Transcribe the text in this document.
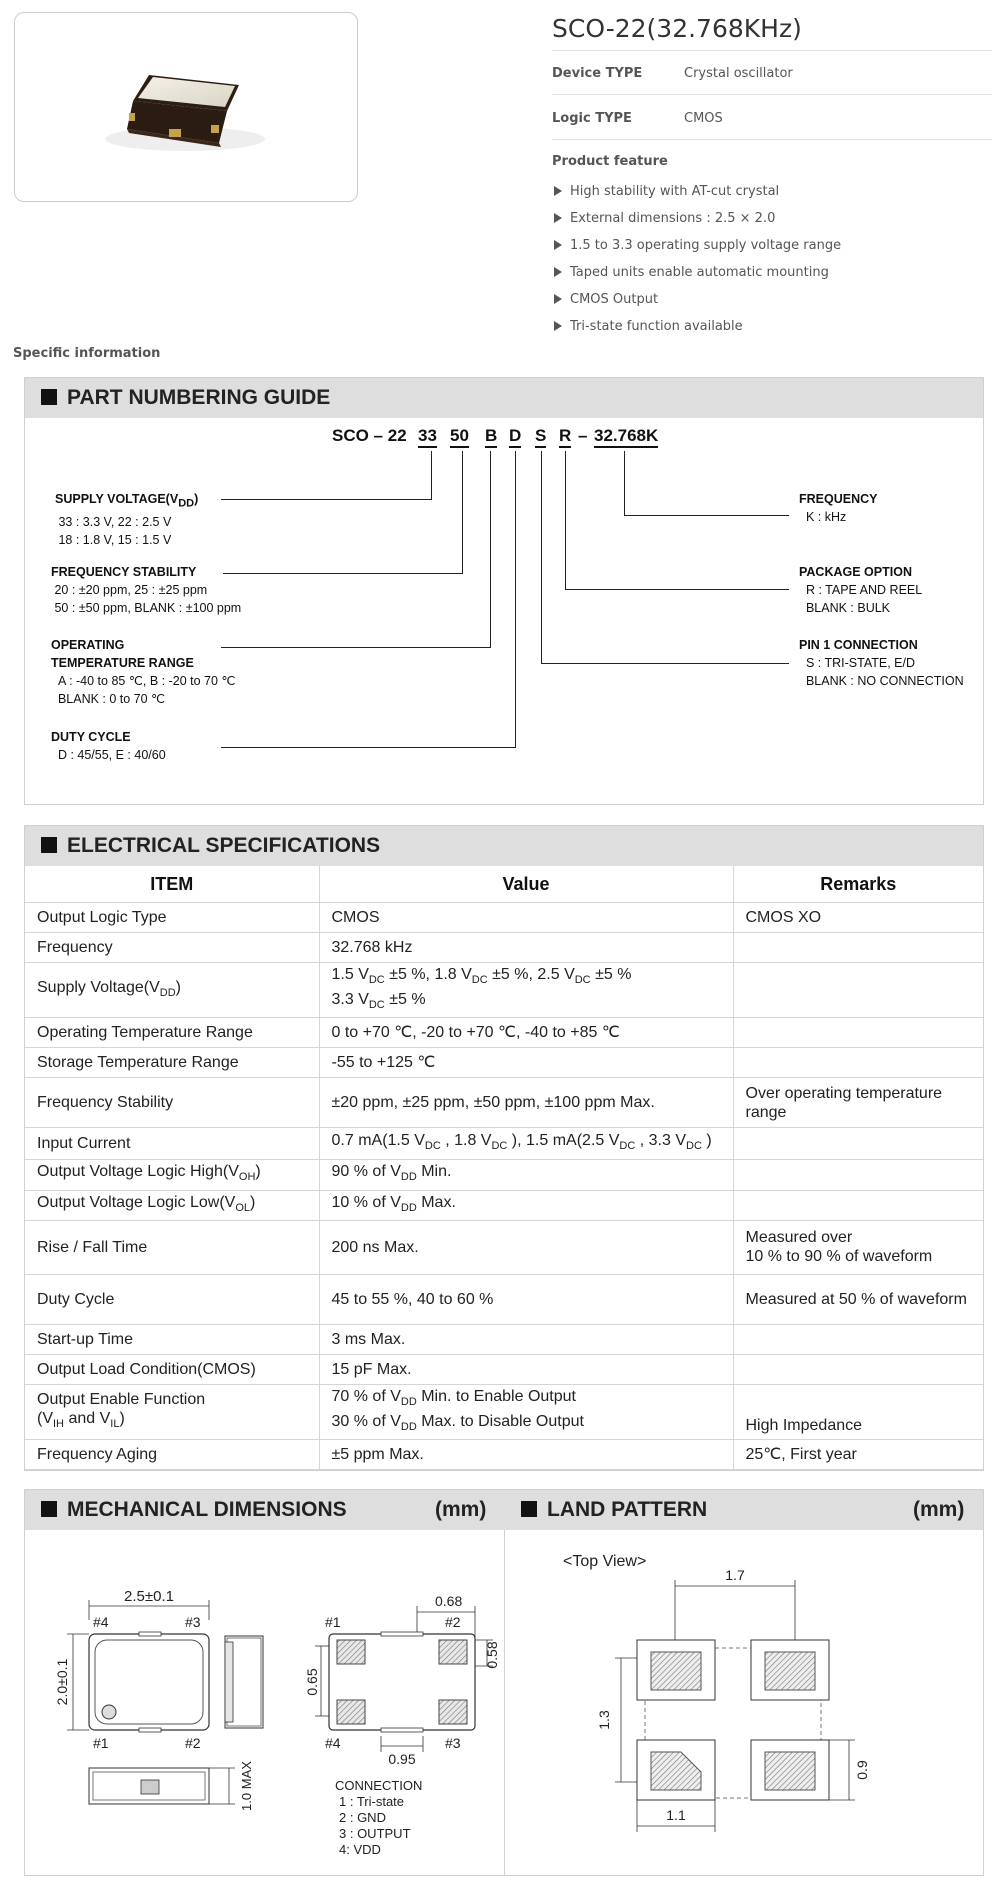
SCO-22(32.768KHz)
Device TYPE	Crystal oscillator
Logic TYPE	CMOS
Product feature
High stability with AT-cut crystal
External dimensions : 2.5 × 2.0
1.5 to 3.3 operating supply voltage range
Taped units enable automatic mounting
CMOS Output
Tri-state function available
Specific information
PART NUMBERING GUIDE
SCO – 22 33 50 B D S R – 32.768K
SUPPLY $VOLTAGE(V_{DD})$
33 : 3.3 V, 22 : 2.5 V
18 : 1.8 V, 15 : 1.5 V
FREQUENCY STABILITY
20 : ±20 ppm, 25 : ±25 ppm
50 : ±50 ppm, BLANK : ±100 ppm
OPERATING
TEMPERATURE RANGE
A : -40 to 85 ℃, B : -20 to 70 ℃
BLANK : 0 to 70 ℃
DUTY CYCLE
D : 45/55, E : 40/60
FREQUENCY
K : kHz
PACKAGE OPTION
R : TAPE AND REEL
BLANK : BULK
PIN 1 CONNECTION
S : TRI-STATE, E/D
BLANK : NO CONNECTION
ELECTRICAL SPECIFICATIONS
ITEM	Value	Remarks
Output Logic Type	CMOS	CMOS XO
Frequency	32.768 kHz	
Supply $Voltage(V_{DD})$	1.5 $V_{DC} \pm 5$ %, 1.8 $V_{DC} \pm 5$ %, 2.5 $V_{DC} \pm 5$ %
3.3 $V_{DC} \pm 5$ %	
Operating Temperature Range	0 to +70 ℃, -20 to +70 ℃, -40 to +85 ℃	
Storage Temperature Range	-55 to +125 ℃	
Frequency Stability	±20 ppm, ±25 ppm, ±50 ppm, ±100 ppm Max.	Over operating temperature range
Input Current	0.7 mA(1.5 $V_{DC}$ , 1.8 $V_{DC}$ ), 1.5 mA(2.5 $V_{DC}$ , 3.3 $V_{DC}$ )	
Output Voltage Logic $High(V_{OH})$	90 % of $V_{DD}$ Min.	
Output Voltage Logic $Low(V_{OL})$	10 % of $V_{DD}$ Max.	
Rise / Fall Time	200 ns Max.	Measured over
10 % to 90 % of waveform
Duty Cycle	45 to 55 %, 40 to 60 %	Measured at 50 % of waveform
Start-up Time	3 ms Max.	
Output Load Condition(CMOS)	15 pF Max.	
Output Enable Function
($V_{IH}$ and $V_{IL}$)	70 % of $V_{DD}$ Min. to Enable Output
30 % of $V_{DD}$ Max. to Disable Output	High Impedance
Frequency Aging	±5 ppm Max.	25℃, First year
MECHANICAL DIMENSIONS	(mm)	LAND PATTERN	(mm)
2.5±0.1
#4	#3
#1	#2
2.0±0.1
1.0 MAX
0.68
#1	#2
0.58
0.65
#4	#3
0.95
CONNECTION
1 : Tri-state
2 : GND
3 : OUTPUT
4: VDD
<Top View>
1.7
1.3
0.9
1.1
